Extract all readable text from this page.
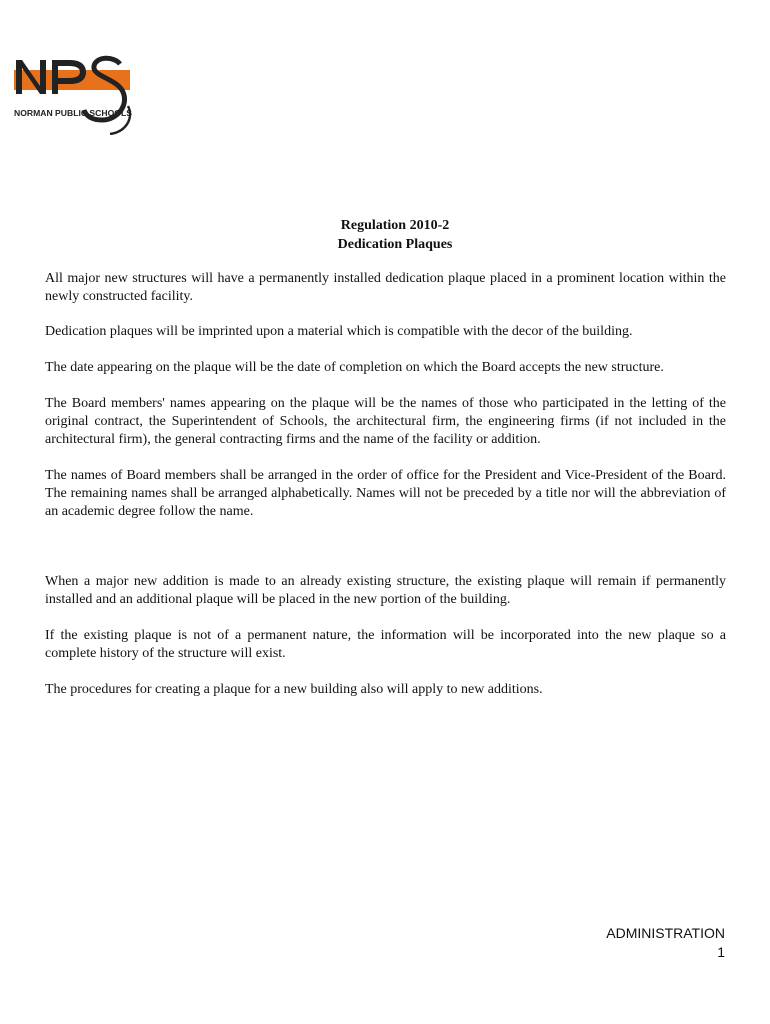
NORMAN PUBLIC SCHOOLS
Regulation 2010-2
Dedication Plaques

All major new structures will have a permanently installed dedication plaque placed in a prominent location within the newly constructed facility.

Dedication plaques will be imprinted upon a material which is compatible with the decor of the building.

The date appearing on the plaque will be the date of completion on which the Board accepts the new structure.

The Board members' names appearing on the plaque will be the names of those who participated in the letting of the original contract, the Superintendent of Schools, the architectural firm, the engineering firms (if not included in the architectural firm), the general contracting firms and the name of the facility or addition.

The names of Board members shall be arranged in the order of office for the President and Vice-President of the Board. The remaining names shall be arranged alphabetically. Names will not be preceded by a title nor will the abbreviation of an academic degree follow the name.

When a major new addition is made to an already existing structure, the existing plaque will remain if permanently installed and an additional plaque will be placed in the new portion of the building.

If the existing plaque is not of a permanent nature, the information will be incorporated into the new plaque so a complete history of the structure will exist.

The procedures for creating a plaque for a new building also will apply to new additions.

ADMINISTRATION
1
